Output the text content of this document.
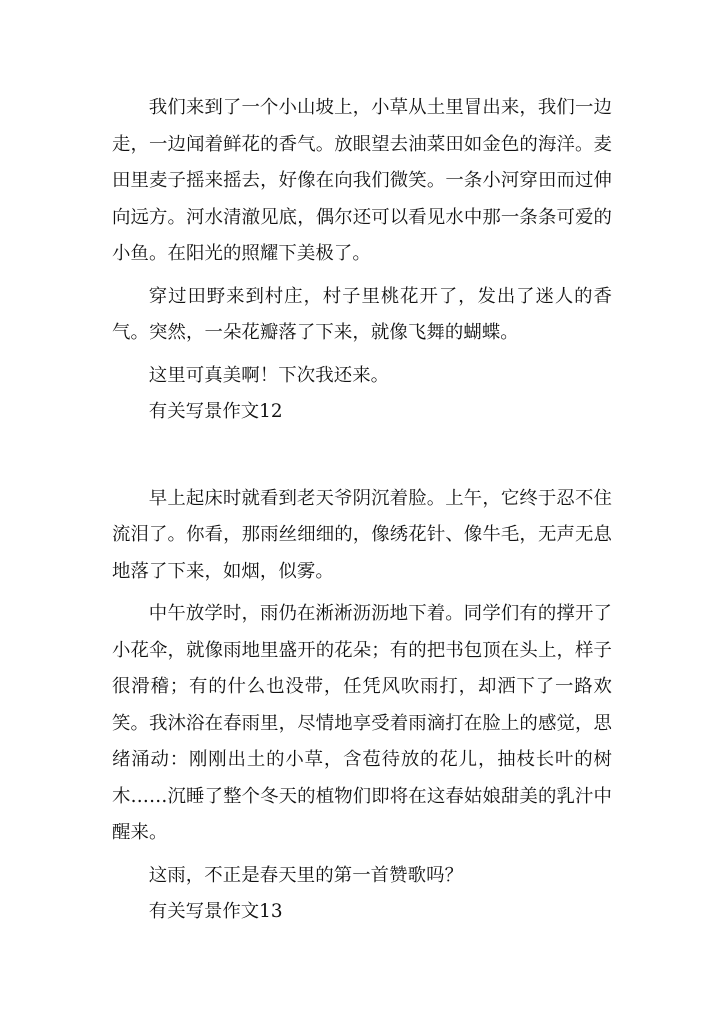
我们来到了一个小山坡上，小草从土里冒出来，我们一边走，一边闻着鲜花的香气。放眼望去油菜田如金色的海洋。麦田里麦子摇来摇去，好像在向我们微笑。一条小河穿田而过伸向远方。河水清澈见底，偶尔还可以看见水中那一条条可爱的小鱼。在阳光的照耀下美极了。

穿过田野来到村庄，村子里桃花开了，发出了迷人的香气。突然，一朵花瓣落了下来，就像飞舞的蝴蝶。

这里可真美啊！下次我还来。

有关写景作文12

早上起床时就看到老天爷阴沉着脸。上午，它终于忍不住流泪了。你看，那雨丝细细的，像绣花针、像牛毛，无声无息地落了下来，如烟，似雾。

中午放学时，雨仍在淅淅沥沥地下着。同学们有的撑开了小花伞，就像雨地里盛开的花朵；有的把书包顶在头上，样子很滑稽；有的什么也没带，任凭风吹雨打，却洒下了一路欢笑。我沐浴在春雨里，尽情地享受着雨滴打在脸上的感觉，思绪涌动：刚刚出土的小草，含苞待放的花儿，抽枝长叶的树木……沉睡了整个冬天的植物们即将在这春姑娘甜美的乳汁中醒来。

这雨，不正是春天里的第一首赞歌吗？

有关写景作文13
